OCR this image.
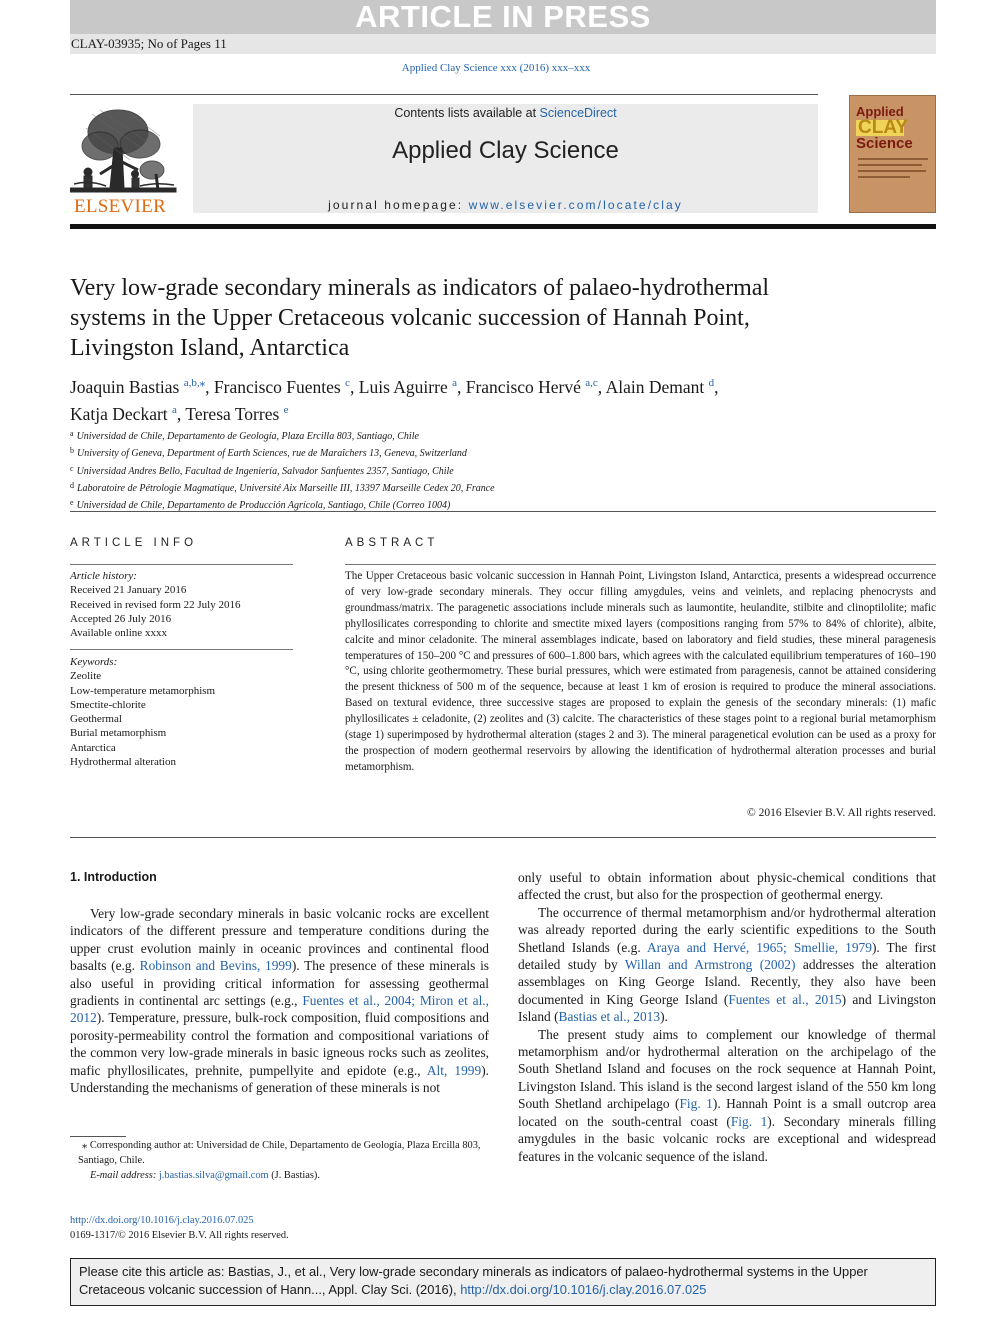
ARTICLE IN PRESS
CLAY-03935; No of Pages 11
Applied Clay Science xxx (2016) xxx–xxx
ELSEVIER
Contents lists available at ScienceDirect
Applied Clay Science
journal homepage: www.elsevier.com/locate/clay
Applied
CLAY
Science
Very low-grade secondary minerals as indicators of palaeo-hydrothermal systems in the Upper Cretaceous volcanic succession of Hannah Point, Livingston Island, Antarctica
Joaquin Bastias $^{a,b,⁎}$, Francisco Fuentes $^c$, Luis Aguirre $^a$, Francisco Hervé $^{a,c}$, Alain Demant $^d$,
Katja Deckart $^a$, Teresa Torres $^e$
$^a$ Universidad de Chile, Departamento de Geología, Plaza Ercilla 803, Santiago, Chile
$^b$ University of Geneva, Department of Earth Sciences, rue de Maraîchers 13, Geneva, Switzerland
$^c$ Universidad Andres Bello, Facultad de Ingeniería, Salvador Sanfuentes 2357, Santiago, Chile
$^d$ Laboratoire de Pétrologie Magmatique, Université Aix Marseille III, 13397 Marseille Cedex 20, France
$^e$ Universidad de Chile, Departamento de Producción Agrícola, Santiago, Chile (Correo 1004)
ARTICLE INFO	ABSTRACT
Article history:
Received 21 January 2016
Received in revised form 22 July 2016
Accepted 26 July 2016
Available online xxxx
Keywords:
Zeolite
Low-temperature metamorphism
Smectite-chlorite
Geothermal
Burial metamorphism
Antarctica
Hydrothermal alteration
The Upper Cretaceous basic volcanic succession in Hannah Point, Livingston Island, Antarctica, presents a widespread occurrence of very low-grade secondary minerals. They occur filling amygdules, veins and veinlets, and replacing phenocrysts and groundmass/matrix. The paragenetic associations include minerals such as laumontite, heulandite, stilbite and clinoptilolite; mafic phyllosilicates corresponding to chlorite and smectite mixed layers (compositions ranging from 57% to 84% of chlorite), albite, calcite and minor celadonite. The mineral assemblages indicate, based on laboratory and field studies, these mineral paragenesis temperatures of 150–200 °C and pressures of 600–1.800 bars, which agrees with the calculated equilibrium temperatures of 160–190 °C, using chlorite geothermometry. These burial pressures, which were estimated from paragenesis, cannot be attained considering the present thickness of 500 m of the sequence, because at least 1 km of erosion is required to produce the mineral associations. Based on textural evidence, three successive stages are proposed to explain the genesis of the secondary minerals: (1) mafic phyllosilicates ± celadonite, (2) zeolites and (3) calcite. The characteristics of these stages point to a regional burial metamorphism (stage 1) superimposed by hydrothermal alteration (stages 2 and 3). The mineral paragenetical evolution can be used as a proxy for the prospection of modern geothermal reservoirs by allowing the identification of hydrothermal alteration processes and burial metamorphism.
© 2016 Elsevier B.V. All rights reserved.
1. Introduction

Very low-grade secondary minerals in basic volcanic rocks are excellent indicators of the different pressure and temperature conditions during the upper crust evolution mainly in oceanic provinces and continental flood basalts (e.g. Robinson and Bevins, 1999). The presence of these minerals is also useful in providing critical information for assessing geothermal gradients in continental arc settings (e.g., Fuentes et al., 2004; Miron et al., 2012). Temperature, pressure, bulk-rock composition, fluid compositions and porosity-permeability control the formation and compositional variations of the common very low-grade minerals in basic igneous rocks such as zeolites, mafic phyllosilicates, prehnite, pumpellyite and epidote (e.g., Alt, 1999). Understanding the mechanisms of generation of these minerals is not

only useful to obtain information about physic-chemical conditions that affected the crust, but also for the prospection of geothermal energy.

The occurrence of thermal metamorphism and/or hydrothermal alteration was already reported during the early scientific expeditions to the South Shetland Islands (e.g. Araya and Hervé, 1965; Smellie, 1979). The first detailed study by Willan and Armstrong (2002) addresses the alteration assemblages on King George Island. Recently, they also have been documented in King George Island (Fuentes et al., 2015) and Livingston Island (Bastias et al., 2013).

The present study aims to complement our knowledge of thermal metamorphism and/or hydrothermal alteration on the archipelago of the South Shetland Island and focuses on the rock sequence at Hannah Point, Livingston Island. This island is the second largest island of the 550 km long South Shetland archipelago (Fig. 1). Hannah Point is a small outcrop area located on the south-central coast (Fig. 1). Secondary minerals filling amygdules in the basic volcanic rocks are exceptional and widespread features in the volcanic sequence of the island.

⁎ Corresponding author at: Universidad de Chile, Departamento de Geología, Plaza Ercilla 803, Santiago, Chile.
E-mail address: j.bastias.silva@gmail.com (J. Bastias).
http://dx.doi.org/10.1016/j.clay.2016.07.025
0169-1317/© 2016 Elsevier B.V. All rights reserved.
Please cite this article as: Bastias, J., et al., Very low-grade secondary minerals as indicators of palaeo-hydrothermal systems in the Upper Cretaceous volcanic succession of Hann..., Appl. Clay Sci. (2016), http://dx.doi.org/10.1016/j.clay.2016.07.025
